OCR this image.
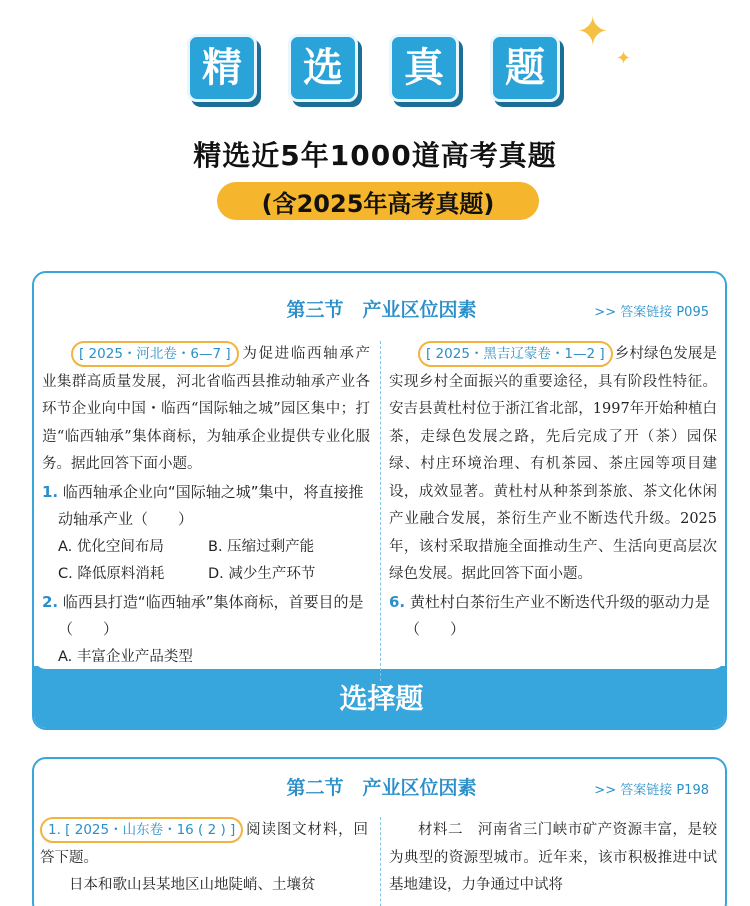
精	选	真	题
✦
✦
精选近5年1000道高考真题
(含2025年高考真题)
选择题
第三节　产业区位因素	>> 答案链接 P095

[ 2025・河北卷・6—7 ] 为促进临西轴承产业集群高质量发展，河北省临西县推动轴承产业各环节企业向中国・临西“国际轴之城”园区集中；打造“临西轴承”集体商标，为轴承企业提供专业化服务。据此回答下面小题。

1. 临西轴承企业向“国际轴之城”集中，将直接推动轴承产业（　　）
A. 优化空间布局	B. 压缩过剩产能
C. 降低原料消耗	D. 减少生产环节
2. 临西县打造“临西轴承”集体商标，首要目的是（　　）
A. 丰富企业产品类型

[ 2025・黑吉辽蒙卷・1—2 ] 乡村绿色发展是实现乡村全面振兴的重要途径，具有阶段性特征。安吉县黄杜村位于浙江省北部，1997年开始种植白茶，走绿色发展之路，先后完成了开（茶）园保绿、村庄环境治理、有机茶园、茶庄园等项目建设，成效显著。黄杜村从种茶到茶旅、茶文化休闲产业融合发展，茶衍生产业不断迭代升级。2025年，该村采取措施全面推动生产、生活向更高层次绿色发展。据此回答下面小题。

6. 黄杜村白茶衍生产业不断迭代升级的驱动力是（　　）
第二节　产业区位因素	>> 答案链接 P198

1. [ 2025・山东卷・16 ( 2 ) ] 阅读图文材料，回答下题。

日本和歌山县某地区山地陡峭、土壤贫

材料二　河南省三门峡市矿产资源丰富，是较为典型的资源型城市。近年来，该市积极推进中试基地建设，力争通过中试将
